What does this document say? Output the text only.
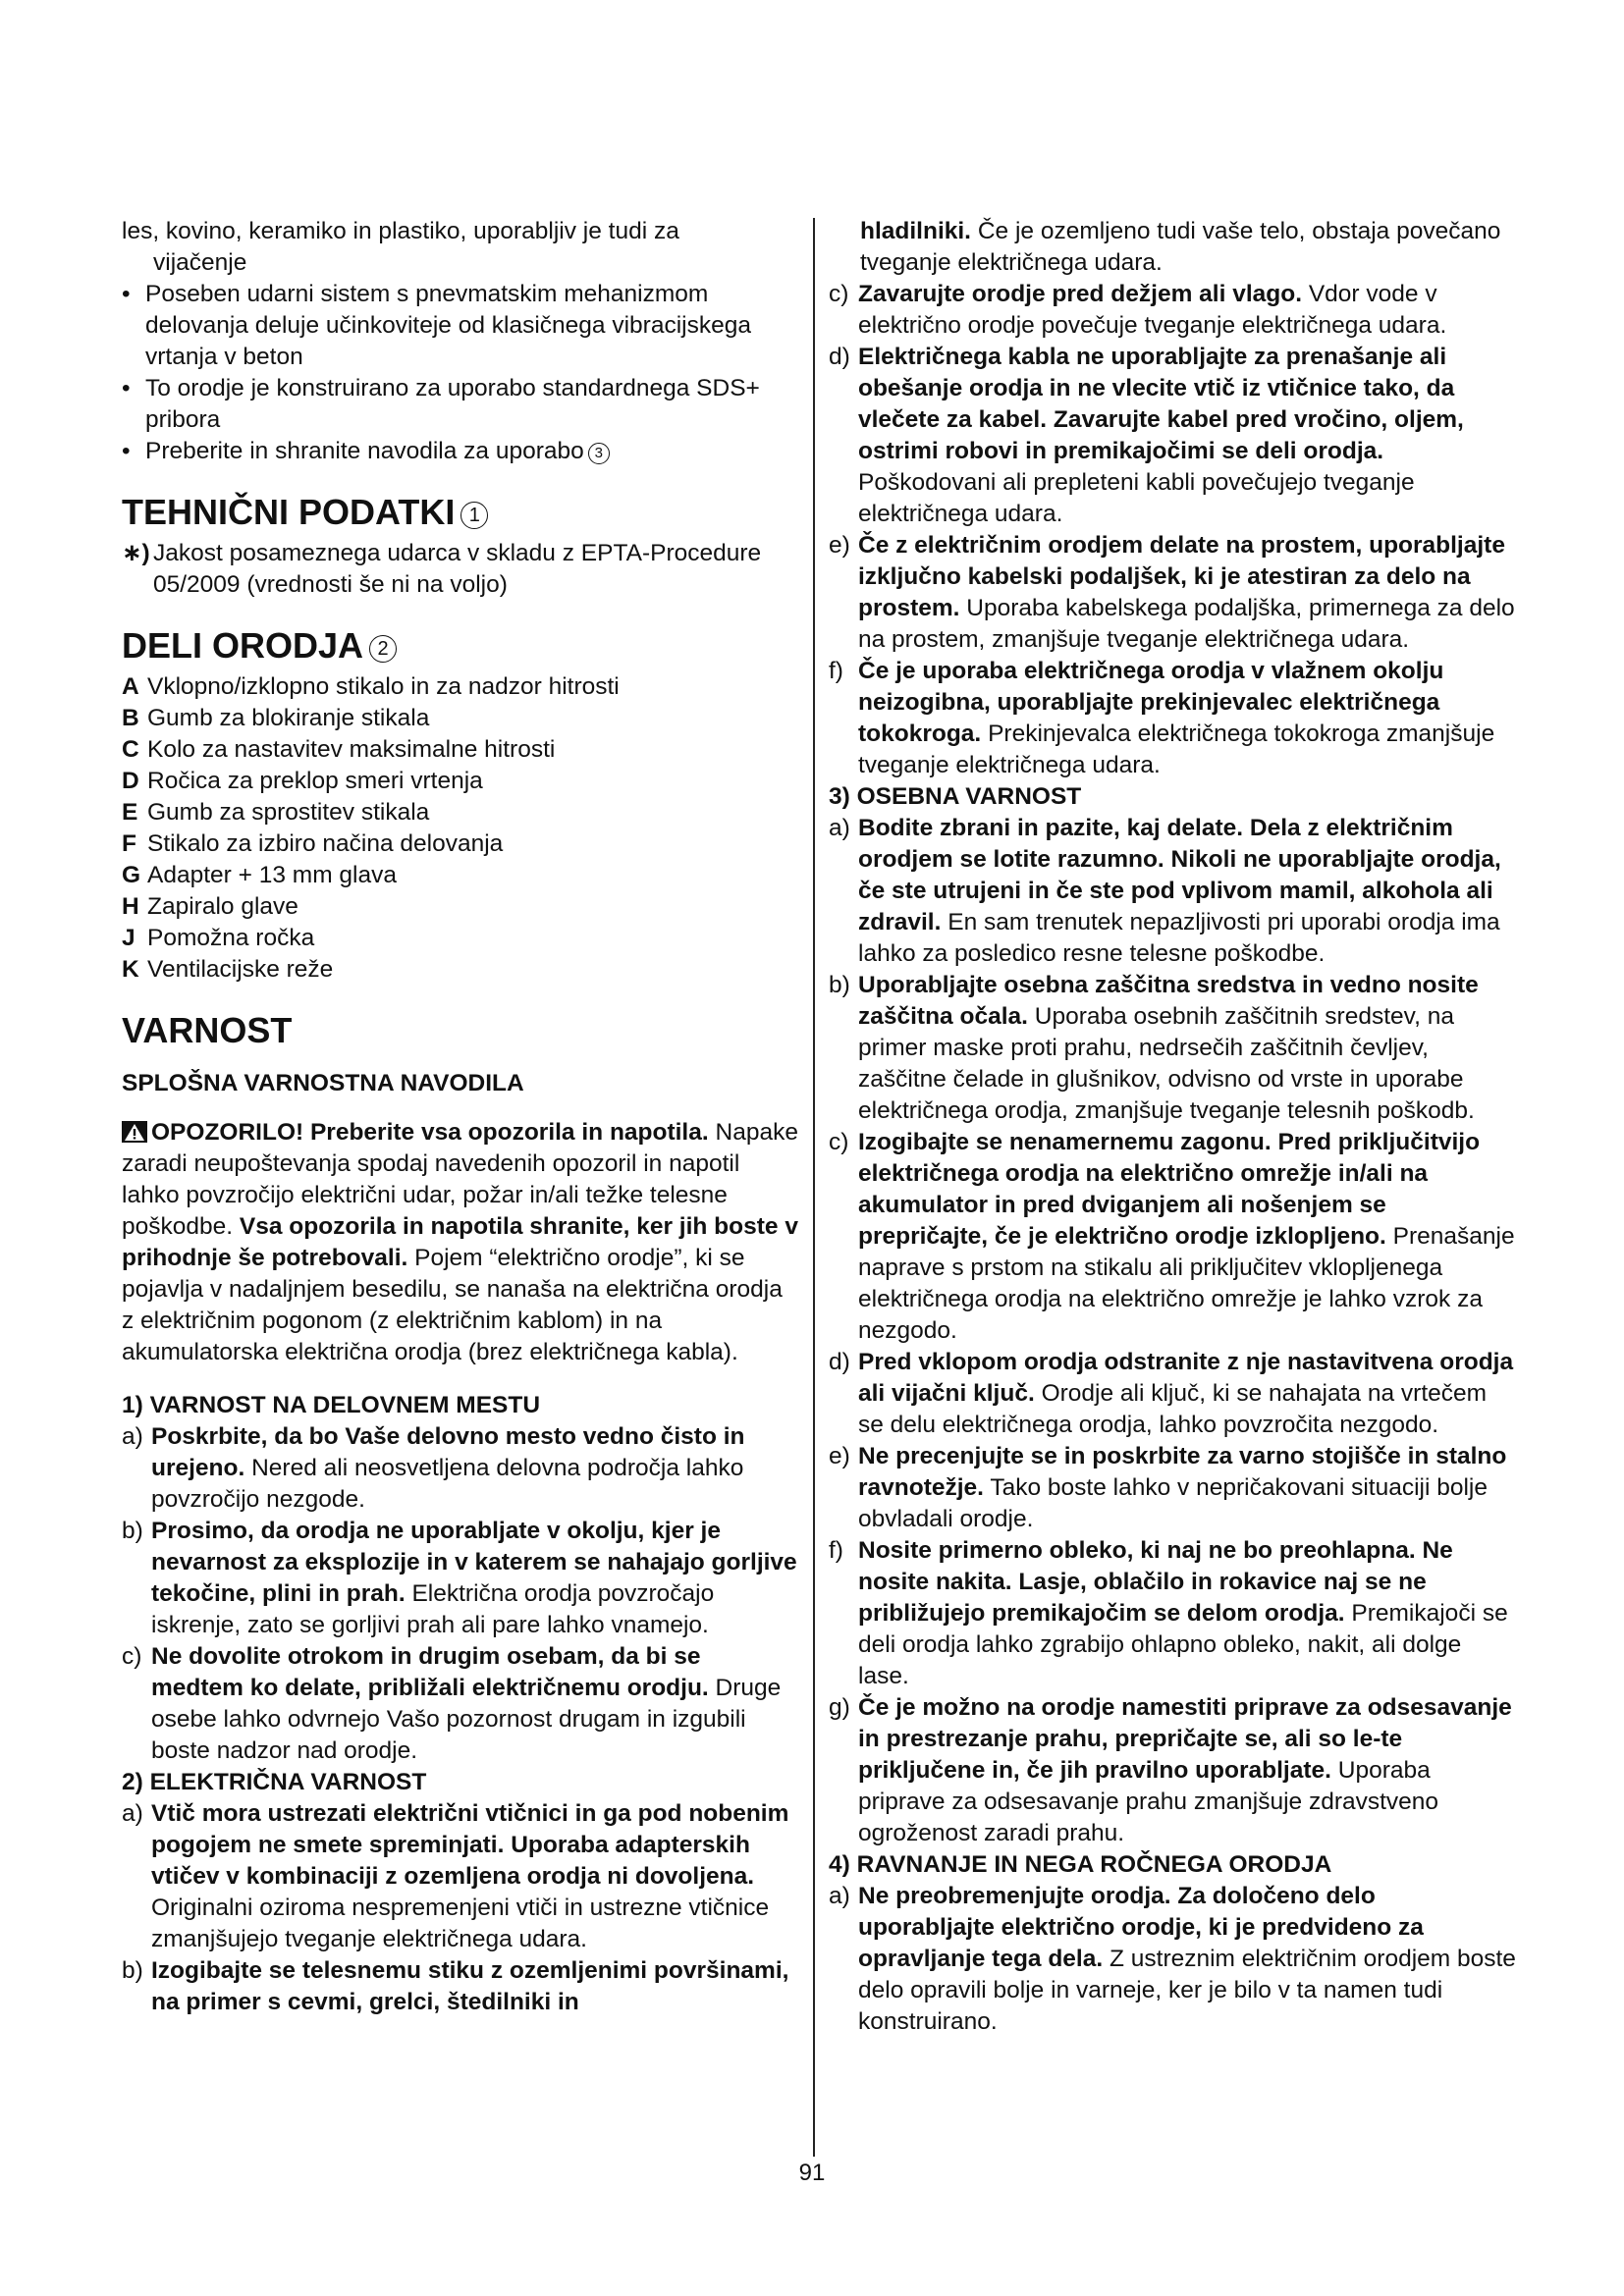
les, kovino, keramiko in plastiko, uporabljiv je tudi za
vijačenje

• Poseben udarni sistem s pnevmatskim mehanizmom delovanja deluje učinkoviteje od klasičnega vibracijskega vrtanja v beton
• To orodje je konstruirano za uporabo standardnega SDS+ pribora
• Preberite in shranite navodila za uporabo 3
TEHNIČNI PODATKI 1

∗) Jakost posameznega udarca v skladu z EPTA-Procedure 05/2009 (vrednosti še ni na voljo)

DELI ORODJA 2
A Vklopno/izklopno stikalo in za nadzor hitrosti
B Gumb za blokiranje stikala
C Kolo za nastavitev maksimalne hitrosti
D Ročica za preklop smeri vrtenja
E Gumb za sprostitev stikala
F Stikalo za izbiro načina delovanja
G Adapter + 13 mm glava
H Zapiralo glave
J Pomožna ročka
K Ventilacijske reže
VARNOST
SPLOŠNA VARNOSTNA NAVODILA

OPOZORILO! Preberite vsa opozorila in napotila. Napake zaradi neupoštevanja spodaj navedenih opozoril in napotil lahko povzročijo električni udar, požar in/ali težke telesne poškodbe. Vsa opozorila in napotila shranite, ker jih boste v prihodnje še potrebovali. Pojem “električno orodje”, ki se pojavlja v nadaljnjem besedilu, se nanaša na električna orodja z električnim pogonom (z električnim kablom) in na akumulatorska električna orodja (brez električnega kabla).

1) VARNOST NA DELOVNEM MESTU
a) Poskrbite, da bo Vaše delovno mesto vedno čisto in urejeno. Nered ali neosvetljena delovna področja lahko povzročijo nezgode.
b) Prosimo, da orodja ne uporabljate v okolju, kjer je nevarnost za eksplozije in v katerem se nahajajo gorljive tekočine, plini in prah. Električna orodja povzročajo iskrenje, zato se gorljivi prah ali pare lahko vnamejo.
c) Ne dovolite otrokom in drugim osebam, da bi se medtem ko delate, približali električnemu orodju. Druge osebe lahko odvrnejo Vašo pozornost drugam in izgubili boste nadzor nad orodje.
2) ELEKTRIČNA VARNOST
a) Vtič mora ustrezati električni vtičnici in ga pod nobenim pogojem ne smete spreminjati. Uporaba adapterskih vtičev v kombinaciji z ozemljena orodja ni dovoljena. Originalni oziroma nespremenjeni vtiči in ustrezne vtičnice zmanjšujejo tveganje električnega udara.
b) Izogibajte se telesnemu stiku z ozemljenimi površinami, na primer s cevmi, grelci, štedilniki in

hladilniki. Če je ozemljeno tudi vaše telo, obstaja povečano tveganje električnega udara.

c) Zavarujte orodje pred dežjem ali vlago. Vdor vode v električno orodje povečuje tveganje električnega udara.
d) Električnega kabla ne uporabljajte za prenašanje ali obešanje orodja in ne vlecite vtič iz vtičnice tako, da vlečete za kabel. Zavarujte kabel pred vročino, oljem, ostrimi robovi in premikajočimi se deli orodja. Poškodovani ali prepleteni kabli povečujejo tveganje električnega udara.
e) Če z električnim orodjem delate na prostem, uporabljajte izključno kabelski podaljšek, ki je atestiran za delo na prostem. Uporaba kabelskega podaljška, primernega za delo na prostem, zmanjšuje tveganje električnega udara.
f) Če je uporaba električnega orodja v vlažnem okolju neizogibna, uporabljajte prekinjevalec električnega tokokroga. Prekinjevalca električnega tokokroga zmanjšuje tveganje električnega udara.
3) OSEBNA VARNOST
a) Bodite zbrani in pazite, kaj delate. Dela z električnim orodjem se lotite razumno. Nikoli ne uporabljajte orodja, če ste utrujeni in če ste pod vplivom mamil, alkohola ali zdravil. En sam trenutek nepazljivosti pri uporabi orodja ima lahko za posledico resne telesne poškodbe.
b) Uporabljajte osebna zaščitna sredstva in vedno nosite zaščitna očala. Uporaba osebnih zaščitnih sredstev, na primer maske proti prahu, nedrsečih zaščitnih čevljev, zaščitne čelade in glušnikov, odvisno od vrste in uporabe električnega orodja, zmanjšuje tveganje telesnih poškodb.
c) Izogibajte se nenamernemu zagonu. Pred priključitvijo električnega orodja na električno omrežje in/ali na akumulator in pred dviganjem ali nošenjem se prepričajte, če je električno orodje izklopljeno. Prenašanje naprave s prstom na stikalu ali priključitev vklopljenega električnega orodja na električno omrežje je lahko vzrok za nezgodo.
d) Pred vklopom orodja odstranite z nje nastavitvena orodja ali vijačni ključ. Orodje ali ključ, ki se nahajata na vrtečem se delu električnega orodja, lahko povzročita nezgodo.
e) Ne precenjujte se in poskrbite za varno stojišče in stalno ravnotežje. Tako boste lahko v nepričakovani situaciji bolje obvladali orodje.
f) Nosite primerno obleko, ki naj ne bo preohlapna. Ne nosite nakita. Lasje, oblačilo in rokavice naj se ne približujejo premikajočim se delom orodja. Premikajoči se deli orodja lahko zgrabijo ohlapno obleko, nakit, ali dolge lase.
g) Če je možno na orodje namestiti priprave za odsesavanje in prestrezanje prahu, prepričajte se, ali so le-te priključene in, če jih pravilno uporabljate. Uporaba priprave za odsesavanje prahu zmanjšuje zdravstveno ogroženost zaradi prahu.
4) RAVNANJE IN NEGA ROČNEGA ORODJA
a) Ne preobremenjujte orodja. Za določeno delo uporabljajte električno orodje, ki je predvideno za opravljanje tega dela. Z ustreznim električnim orodjem boste delo opravili bolje in varneje, ker je bilo v ta namen tudi konstruirano.
91
